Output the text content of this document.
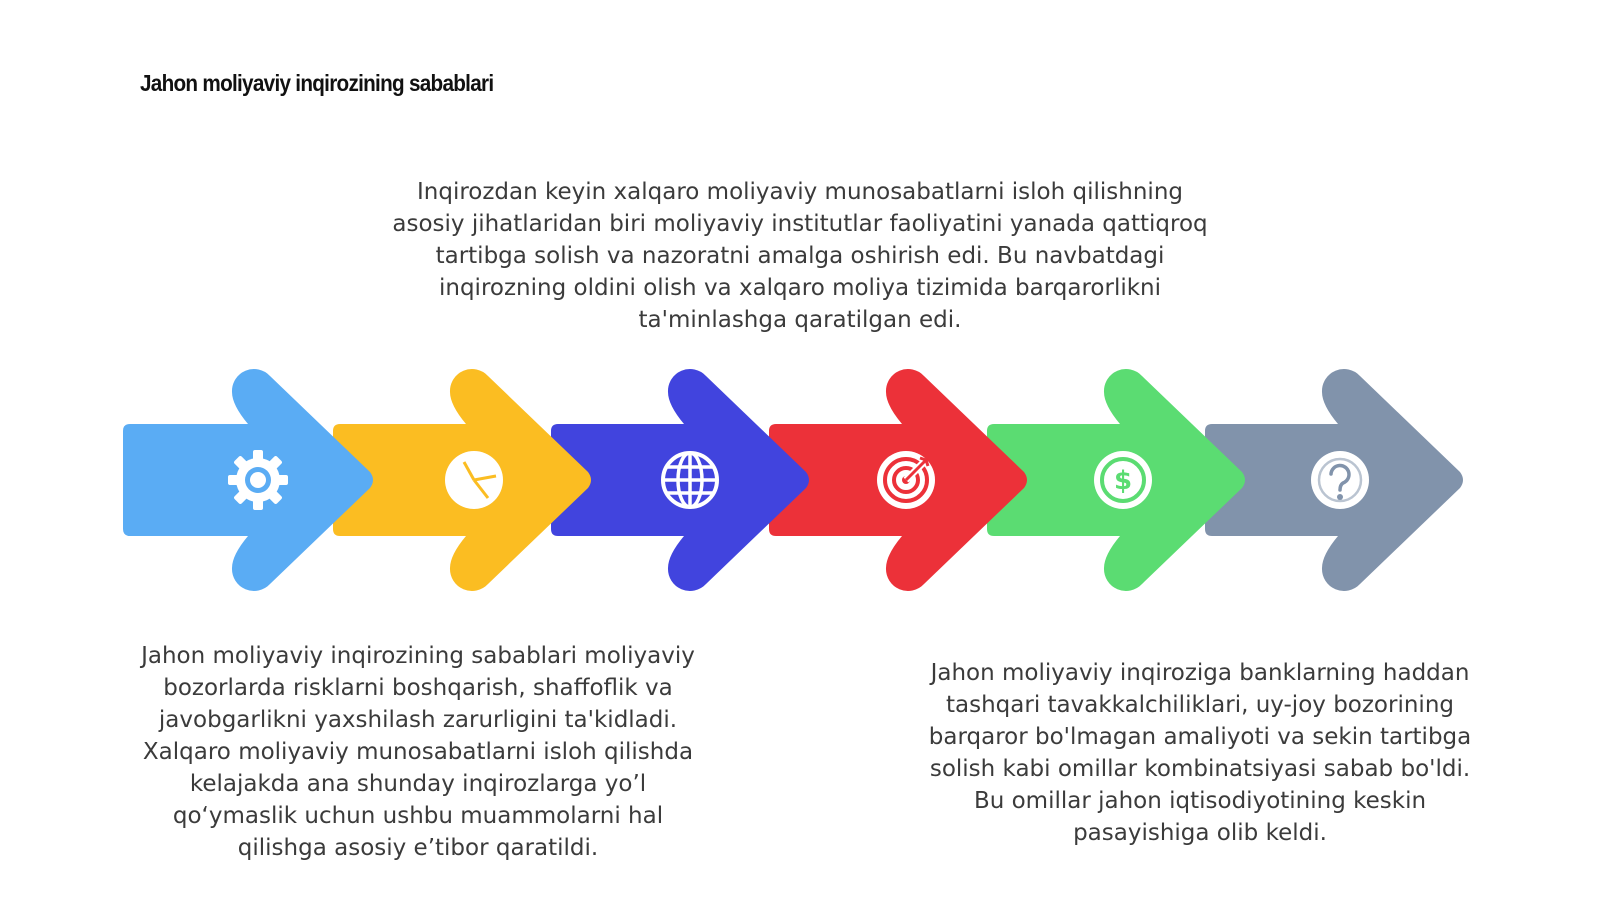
Jahon moliyaviy inqirozining sabablari
Inqirozdan keyin xalqaro moliyaviy munosabatlarni isloh qilishning
asosiy jihatlaridan biri moliyaviy institutlar faoliyatini yanada qattiqroq
tartibga solish va nazoratni amalga oshirish edi. Bu navbatdagi
inqirozning oldini olish va xalqaro moliya tizimida barqarorlikni
ta'minlashga qaratilgan edi.
$
Jahon moliyaviy inqirozining sabablari moliyaviy
bozorlarda risklarni boshqarish, shaffoflik va
javobgarlikni yaxshilash zarurligini ta'kidladi.
Xalqaro moliyaviy munosabatlarni isloh qilishda
kelajakda ana shunday inqirozlarga yo’l
qo‘ymaslik uchun ushbu muammolarni hal
qilishga asosiy e’tibor qaratildi.
Jahon moliyaviy inqiroziga banklarning haddan
tashqari tavakkalchiliklari, uy-joy bozorining
barqaror bo'lmagan amaliyoti va sekin tartibga
solish kabi omillar kombinatsiyasi sabab bo'ldi.
Bu omillar jahon iqtisodiyotining keskin
pasayishiga olib keldi.
